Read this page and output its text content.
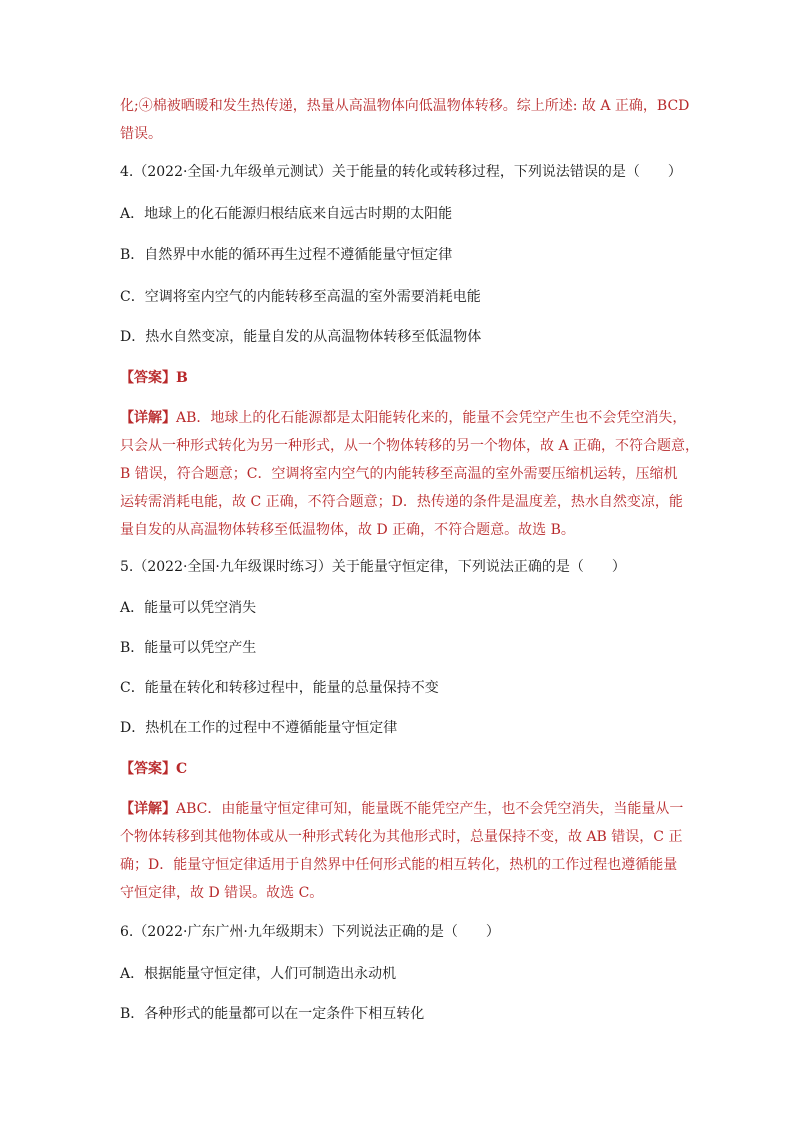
化;④棉被晒暖和发生热传递，热量从高温物体向低温物体转移。综上所述: 故 A 正确，BCD
错误。
4.（2022·全国·九年级单元测试）关于能量的转化或转移过程，下列说法错误的是（　　）
A．地球上的化石能源归根结底来自远古时期的太阳能
B．自然界中水能的循环再生过程不遵循能量守恒定律
C．空调将室内空气的内能转移至高温的室外需要消耗电能
D．热水自然变凉，能量自发的从高温物体转移至低温物体
【答案】B
【详解】AB．地球上的化石能源都是太阳能转化来的，能量不会凭空产生也不会凭空消失，
只会从一种形式转化为另一种形式，从一个物体转移的另一个物体，故 A 正确，不符合题意，
B 错误，符合题意；C．空调将室内空气的内能转移至高温的室外需要压缩机运转，压缩机
运转需消耗电能，故 C 正确，不符合题意；D．热传递的条件是温度差，热水自然变凉，能
量自发的从高温物体转移至低温物体，故 D 正确，不符合题意。故选 B。
5.（2022·全国·九年级课时练习）关于能量守恒定律，下列说法正确的是（　　）
A．能量可以凭空消失
B．能量可以凭空产生
C．能量在转化和转移过程中，能量的总量保持不变
D．热机在工作的过程中不遵循能量守恒定律
【答案】C
【详解】ABC．由能量守恒定律可知，能量既不能凭空产生，也不会凭空消失，当能量从一
个物体转移到其他物体或从一种形式转化为其他形式时，总量保持不变，故 AB 错误，C 正
确；D．能量守恒定律适用于自然界中任何形式能的相互转化，热机的工作过程也遵循能量
守恒定律，故 D 错误。故选 C。
6.（2022·广东广州·九年级期末）下列说法正确的是（　　）
A．根据能量守恒定律，人们可制造出永动机
B．各种形式的能量都可以在一定条件下相互转化
